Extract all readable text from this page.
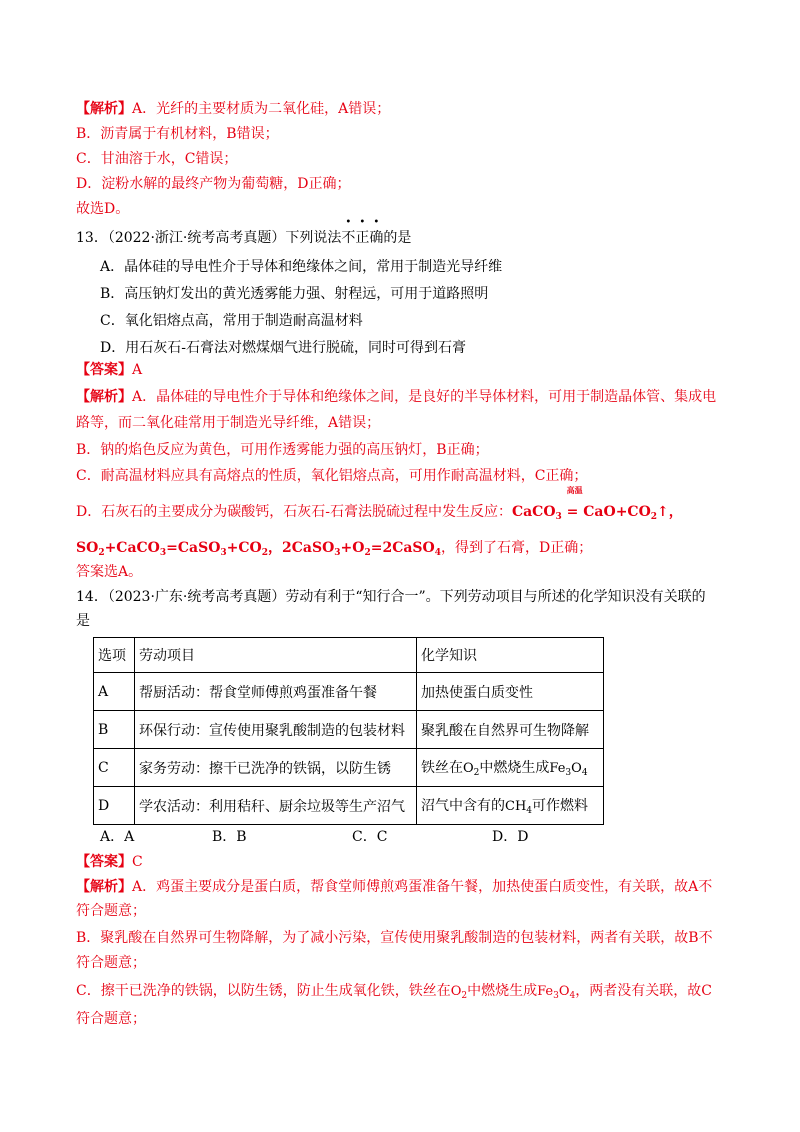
【解析】A．光纤的主要材质为二氧化硅，A错误；
B．沥青属于有机材料，B错误；
C．甘油溶于水，C错误；
D．淀粉水解的最终产物为葡萄糖，D正确；
故选D。
13．（2022·浙江·统考高考真题）下列说法不正确的是
A．晶体硅的导电性介于导体和绝缘体之间，常用于制造光导纤维
B．高压钠灯发出的黄光透雾能力强、射程远，可用于道路照明
C．氧化铝熔点高，常用于制造耐高温材料
D．用石灰石-石膏法对燃煤烟气进行脱硫，同时可得到石膏
【答案】A
【解析】A．晶体硅的导电性介于导体和绝缘体之间，是良好的半导体材料，可用于制造晶体管、集成电
路等，而二氧化硅常用于制造光导纤维，A错误；
B．钠的焰色反应为黄色，可用作透雾能力强的高压钠灯，B正确；
C．耐高温材料应具有高熔点的性质，氧化铝熔点高，可用作耐高温材料，C正确；
D．石灰石的主要成分为碳酸钙，石灰石-石膏法脱硫过程中发生反应：CaCO$_3$
高温
= $CaO+CO_2↑$，
$SO_2+CaCO_3=CaSO_3+CO_2$，$2CaSO_3+O_2=2CaSO_4$，得到了石膏，D正确；
答案选A。
14．（2023·广东·统考高考真题）劳动有利于“知行合一”。下列劳动项目与所述的化学知识没有关联的
是
选项	劳动项目	化学知识
A	帮厨活动：帮食堂师傅煎鸡蛋准备午餐	加热使蛋白质变性
B	环保行动：宣传使用聚乳酸制造的包装材料	聚乳酸在自然界可生物降解
C	家务劳动：擦干已洗净的铁锅，以防生锈	铁丝在$O_2$中燃烧生成$Fe_3O_4$
D	学农活动：利用秸秆、厨余垃圾等生产沼气	沼气中含有的$CH_4$可作燃料
A．A	B．B	C．C	D．D
【答案】C
【解析】A．鸡蛋主要成分是蛋白质，帮食堂师傅煎鸡蛋准备午餐，加热使蛋白质变性，有关联，故A不
符合题意；
B．聚乳酸在自然界可生物降解，为了减小污染，宣传使用聚乳酸制造的包装材料，两者有关联，故B不
符合题意；
C．擦干已洗净的铁锅，以防生锈，防止生成氧化铁，铁丝在$O_2$中燃烧生成$Fe_3O_4$，两者没有关联，故C
符合题意；
